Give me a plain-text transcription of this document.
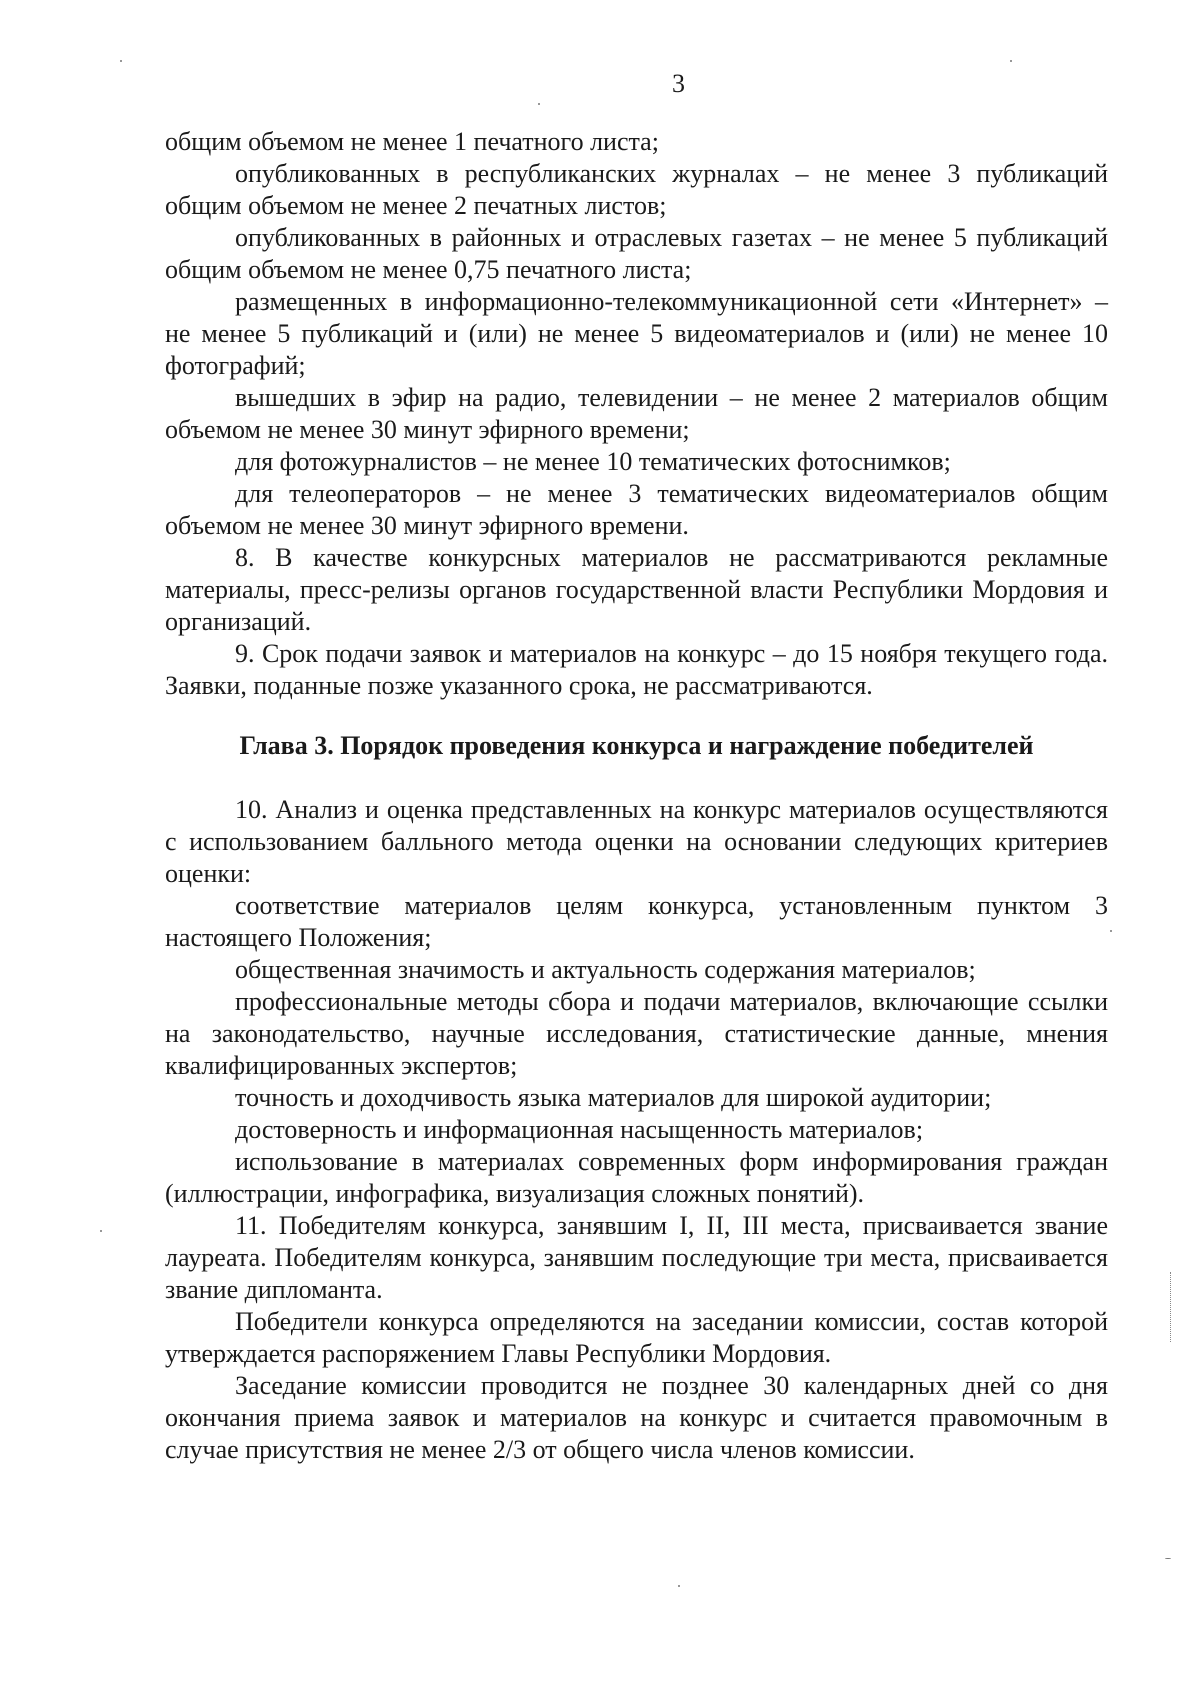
3

общим объемом не менее 1 печатного листа;

опубликованных в республиканских журналах – не менее 3 публикаций общим объемом не менее 2 печатных листов;

опубликованных в районных и отраслевых газетах – не менее 5 публикаций общим объемом не менее 0,75 печатного листа;

размещенных в информационно-телекоммуникационной сети «Интернет» – не менее 5 публикаций и (или) не менее 5 видеоматериалов и (или) не менее 10 фотографий;

вышедших в эфир на радио, телевидении – не менее 2 материалов общим объемом не менее 30 минут эфирного времени;

для фотожурналистов – не менее 10 тематических фотоснимков;

для телеоператоров – не менее 3 тематических видеоматериалов общим объемом не менее 30 минут эфирного времени.

8. В качестве конкурсных материалов не рассматриваются рекламные материалы, пресс-релизы органов государственной власти Республики Мордовия и организаций.

9. Срок подачи заявок и материалов на конкурс – до 15 ноября текущего года. Заявки, поданные позже указанного срока, не рассматриваются.

Глава 3. Порядок проведения конкурса и награждение победителей

10. Анализ и оценка представленных на конкурс материалов осуществляются с использованием балльного метода оценки на основании следующих критериев оценки:

соответствие материалов целям конкурса, установленным пунктом 3 настоящего Положения;

общественная значимость и актуальность содержания материалов;

профессиональные методы сбора и подачи материалов, включающие ссылки на законодательство, научные исследования, статистические данные, мнения квалифицированных экспертов;

точность и доходчивость языка материалов для широкой аудитории;

достоверность и информационная насыщенность материалов;

использование в материалах современных форм информирования граждан (иллюстрации, инфографика, визуализация сложных понятий).

11. Победителям конкурса, занявшим I, II, III места, присваивается звание лауреата. Победителям конкурса, занявшим последующие три места, присваивается звание дипломанта.

Победители конкурса определяются на заседании комиссии, состав которой утверждается распоряжением Главы Республики Мордовия.

Заседание комиссии проводится не позднее 30 календарных дней со дня окончания приема заявок и материалов на конкурс и считается правомочным в случае присутствия не менее 2/3 от общего числа членов комиссии.
